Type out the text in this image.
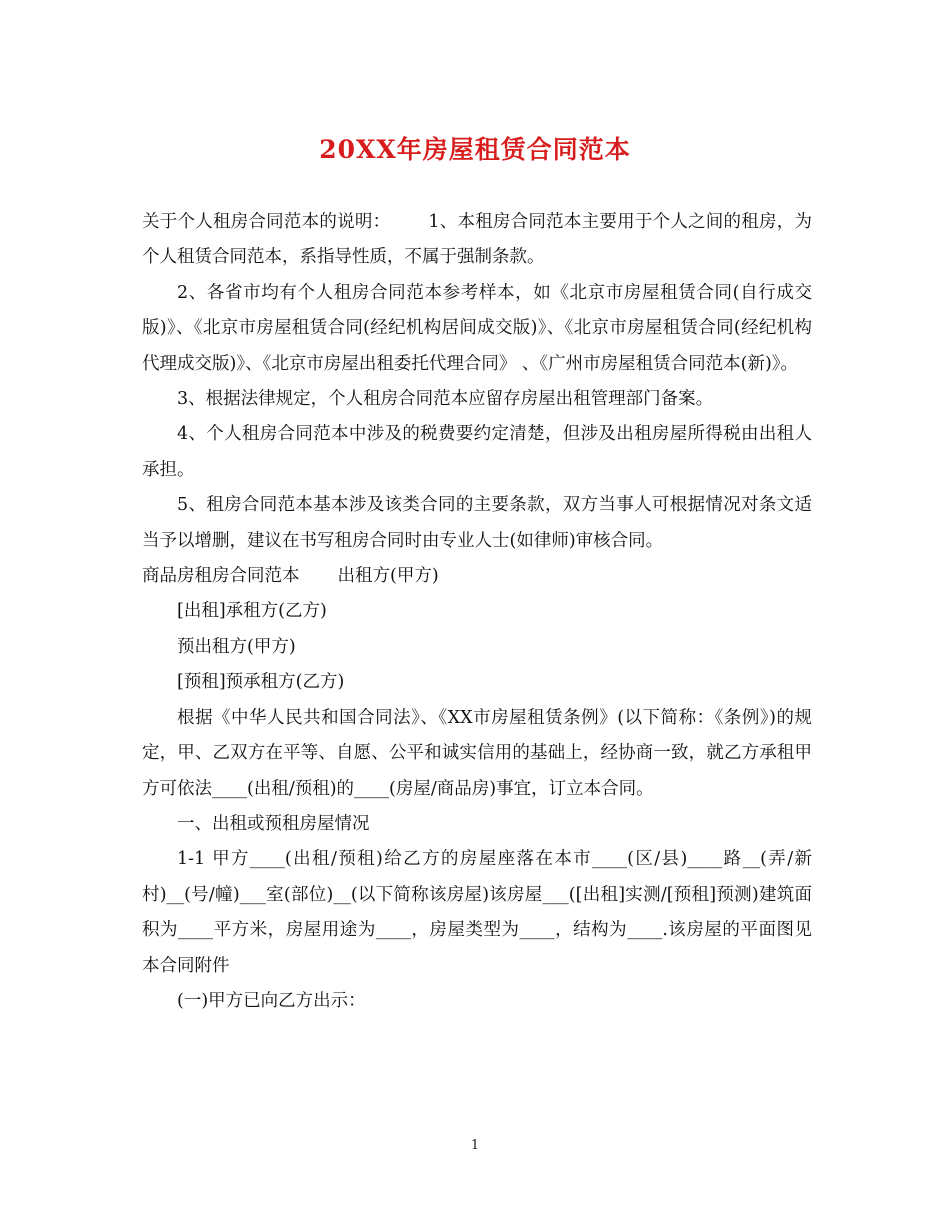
20XX年房屋租赁合同范本

关于个人租房合同范本的说明： 1、本租房合同范本主要用于个人之间的租房，为个人租赁合同范本，系指导性质，不属于强制条款。

2、各省市均有个人租房合同范本参考样本，如《北京市房屋租赁合同(自行成交版)》、《北京市房屋租赁合同(经纪机构居间成交版)》、《北京市房屋租赁合同(经纪机构代理成交版)》、《北京市房屋出租委托代理合同》 、《广州市房屋租赁合同范本(新)》。

3、根据法律规定，个人租房合同范本应留存房屋出租管理部门备案。

4、个人租房合同范本中涉及的税费要约定清楚，但涉及出租房屋所得税由出租人承担。

5、租房合同范本基本涉及该类合同的主要条款，双方当事人可根据情况对条文适当予以增删，建议在书写租房合同时由专业人士(如律师)审核合同。

商品房租房合同范本 出租方(甲方)

[出租]承租方(乙方)

预出租方(甲方)

[预租]预承租方(乙方)

根据《中华人民共和国合同法》、《XX市房屋租赁条例》(以下简称：《条例》)的规定，甲、乙双方在平等、自愿、公平和诚实信用的基础上，经协商一致，就乙方承租甲方可依法____(出租/预租)的____(房屋/商品房)事宜，订立本合同。

一、出租或预租房屋情况

1-1 甲方____(出租/预租)给乙方的房屋座落在本市____(区/县)____路__(弄/新村)__(号/幢)___室(部位)__(以下简称该房屋)该房屋___([出租]实测/[预租]预测)建筑面积为____平方米，房屋用途为____，房屋类型为____，结构为____.该房屋的平面图见本合同附件

(一)甲方已向乙方出示：

1
